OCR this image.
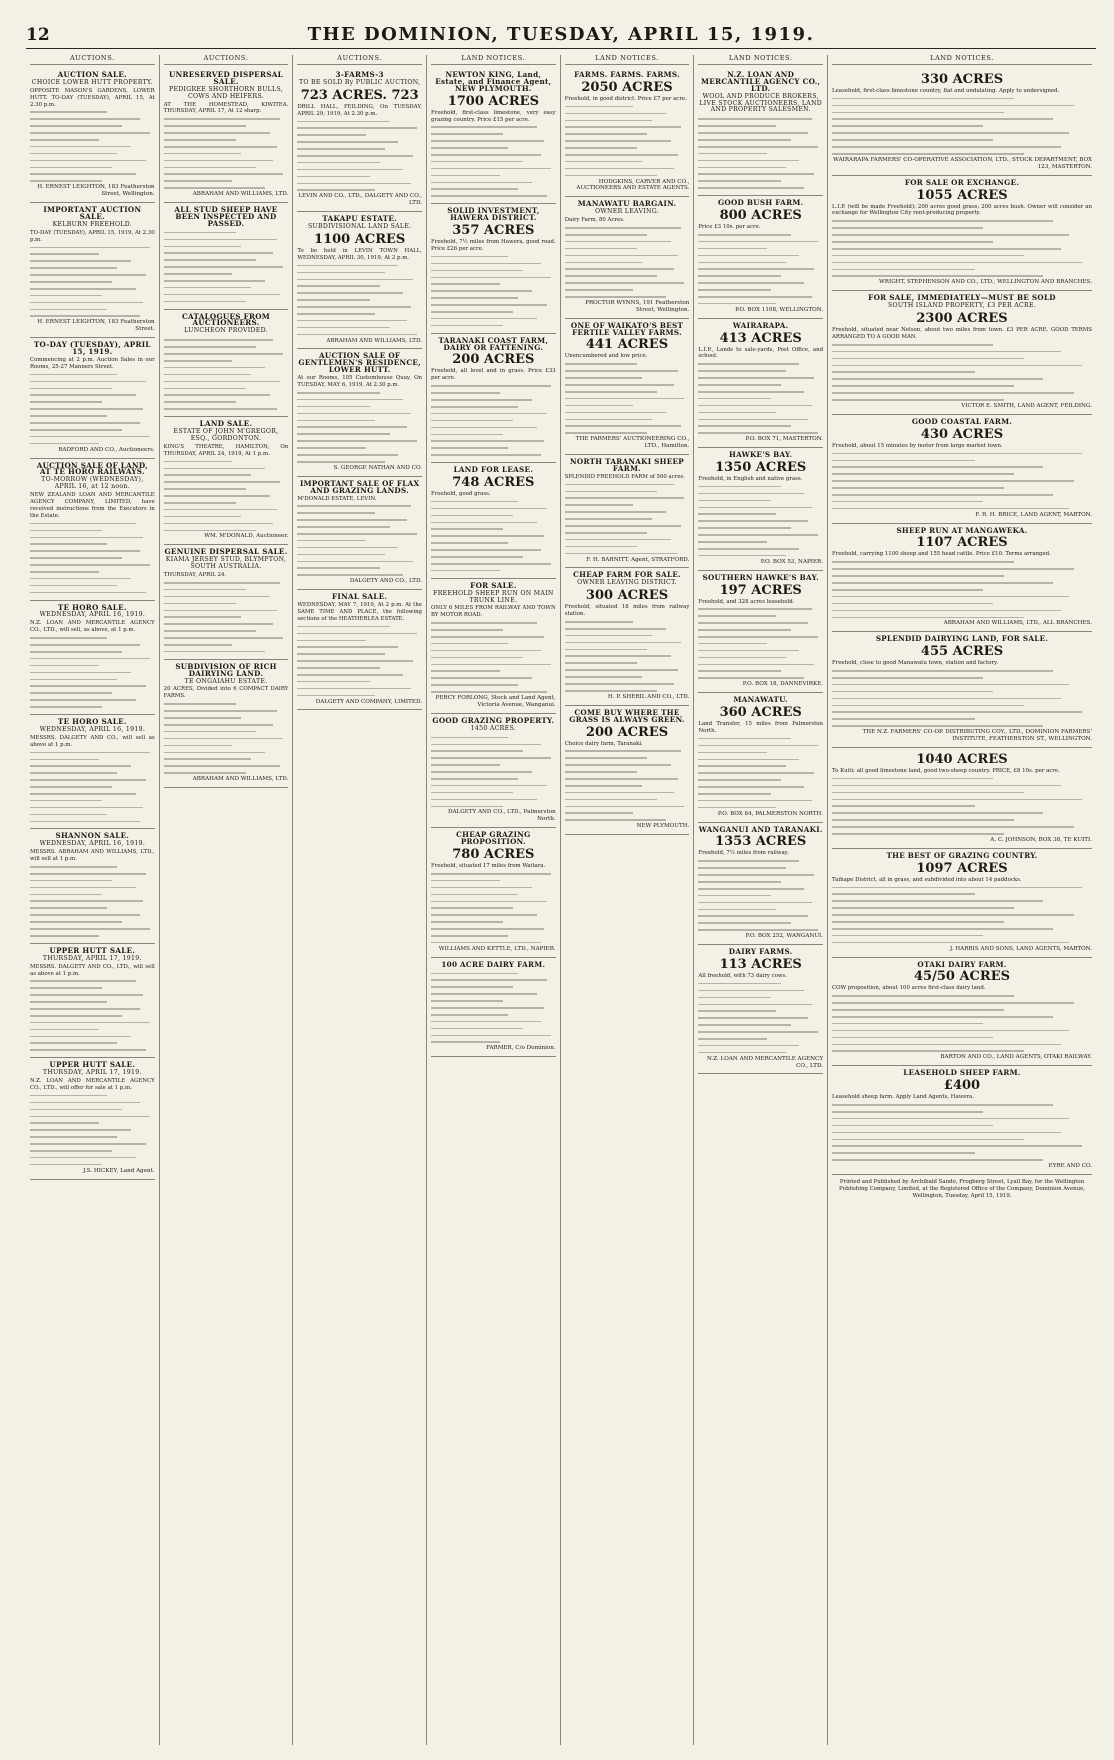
12	THE DOMINION, TUESDAY, APRIL 15, 1919.
AUCTIONS.
AUCTION SALE.
CHOICE LOWER HUTT PROPERTY.
OPPOSITE MASON'S GARDENS, LOWER HUTT. TO-DAY (TUESDAY), APRIL 15, At 2.30 p.m.
H. ERNEST LEIGHTON, 183 Featherston Street, Wellington.
IMPORTANT AUCTION SALE.
KELBURN FREEHOLD.
TO-DAY (TUESDAY), APRIL 15, 1919, At 2.30 p.m.
H. ERNEST LEIGHTON, 183 Featherston Street.
TO-DAY (TUESDAY), APRIL 15, 1919.
Commencing at 2 p.m. Auction Sales in our Rooms, 25-27 Manners Street.
RADFORD AND CO., Auctioneers.
AUCTION SALE OF LAND, AT TE HORO RAILWAYS.
TO-MORROW (WEDNESDAY), APRIL 16, at 12 noon.
NEW ZEALAND LOAN AND MERCANTILE AGENCY COMPANY, LIMITED, have received instructions from the Executors in the Estate.
TE HORO SALE.
WEDNESDAY, APRIL 16, 1919.
N.Z. LOAN AND MERCANTILE AGENCY CO., LTD., will sell, as above, at 1 p.m.
TE HORO SALE.
WEDNESDAY, APRIL 16, 1919.
MESSRS. DALGETY AND CO., will sell as above at 1 p.m.
SHANNON SALE.
WEDNESDAY, APRIL 16, 1919.
MESSRS. ABRAHAM AND WILLIAMS, LTD., will sell at 1 p.m.
UPPER HUTT SALE.
THURSDAY, APRIL 17, 1919.
MESSRS. DALGETY AND CO., LTD., will sell as above at 1 p.m.
UPPER HUTT SALE.
THURSDAY, APRIL 17, 1919.
N.Z. LOAN AND MERCANTILE AGENCY CO., LTD., will offer for sale at 1 p.m.
J.S. HICKEY, Land Agent.
AUCTIONS.
UNRESERVED DISPERSAL SALE.
PEDIGREE SHORTHORN BULLS, COWS AND HEIFERS.
AT THE HOMESTEAD, KIWITEA. THURSDAY, APRIL 17, At 12 sharp.
ABRAHAM AND WILLIAMS, LTD.
ALL STUD SHEEP HAVE BEEN INSPECTED AND PASSED.
CATALOGUES FROM AUCTIONEERS.
LUNCHEON PROVIDED.
LAND SALE.
ESTATE OF JOHN M'GREGOR, ESQ., GORDONTON.
KING'S THEATRE, HAMILTON, On THURSDAY, APRIL 24, 1919, At 1 p.m.
WM. M'DONALD, Auctioneer.
GENUINE DISPERSAL SALE.
KIAMA JERSEY STUD, BLYMPTON, SOUTH AUSTRALIA.
THURSDAY, APRIL 24.
SUBDIVISION OF RICH DAIRYING LAND.
TE ONGAIAHU ESTATE.
20 ACRES, Divided into 6 COMPACT DAIRY FARMS.
ABRAHAM AND WILLIAMS, LTD.
AUCTIONS.
3-FARMS-3
TO BE SOLD By PUBLIC AUCTION,
723 ACRES. 723
DRILL HALL, FEILDING, On TUESDAY, APRIL 29, 1919, At 2.30 p.m.
LEVIN AND CO., LTD., DALGETY AND CO., LTD.
TAKAPU ESTATE.
SUBDIVISIONAL LAND SALE.
1100 ACRES
To be held in LEVIN TOWN HALL, WEDNESDAY, APRIL 30, 1919, At 2 p.m.
ABRAHAM AND WILLIAMS, LTD.
AUCTION SALE OF GENTLEMEN'S RESIDENCE, LOWER HUTT.
At our Rooms, 105 Customhouse Quay, On TUESDAY, MAY 6, 1919, At 2.30 p.m.
S. GEORGE NATHAN AND CO.
IMPORTANT SALE OF FLAX AND GRAZING LANDS.
M'DONALD ESTATE, LEVIN.
DALGETY AND CO., LTD.
FINAL SALE.
WEDNESDAY, MAY 7, 1919, At 2 p.m. At the SAME TIME AND PLACE, the following sections of the HEATHERLEA ESTATE.
DALGETY AND COMPANY, LIMITED.
LAND NOTICES.
NEWTON KING, Land, Estate, and Finance Agent, NEW PLYMOUTH.
1700 ACRES
Freehold, first-class limestone, very easy grazing country. Price £15 per acre.
SOLID INVESTMENT, HAWERA DISTRICT.
357 ACRES
Freehold, 7½ miles from Hawera, good road. Price £26 per acre.
TARANAKI COAST FARM, DAIRY OR FATTENING.
200 ACRES
Freehold, all level and in grass. Price £33 per acre.
LAND FOR LEASE.
748 ACRES
Freehold, good grass.
FOR SALE.
FREEHOLD SHEEP RUN ON MAIN TRUNK LINE.
ONLY 6 MILES FROM RAILWAY AND TOWN BY MOTOR ROAD.
PERCY FORLONG, Stock and Land Agent, Victoria Avenue, Wanganui.
GOOD GRAZING PROPERTY.
1450 ACRES.
DALGETY AND CO., LTD., Palmerston North.
CHEAP GRAZING PROPOSITION.
780 ACRES
Freehold, situated 17 miles from Waitara.
WILLIAMS AND KETTLE, LTD., NAPIER.
100 ACRE DAIRY FARM.
FARMER, C/o Dominion.
LAND NOTICES.
FARMS. FARMS. FARMS.
2050 ACRES
Freehold, in good district. Price £7 per acre.
HODGKINS, CARVER AND CO., AUCTIONEERS AND ESTATE AGENTS.
MANAWATU BARGAIN.
OWNER LEAVING.
Dairy Farm, 80 Acres.
PROCTOR WYNNS, 191 Featherston Street, Wellington.
ONE OF WAIKATO'S BEST FERTILE VALLEY FARMS.
441 ACRES
Unencumbered and low price.
THE FARMERS' AUCTIONEERING CO., LTD., Hamilton.
NORTH TARANAKI SHEEP FARM.
SPLENDID FREEHOLD FARM of 500 acres.
F. H. BARNITT, Agent, STRATFORD.
CHEAP FARM FOR SALE.
OWNER LEAVING DISTRICT.
300 ACRES
Freehold, situated 18 miles from railway station.
H. P. SHERIL AND CO., LTD.
COME BUY WHERE THE GRASS IS ALWAYS GREEN.
200 ACRES
Choice dairy farm, Taranaki.
NEW PLYMOUTH.
LAND NOTICES.
N.Z. LOAN AND MERCANTILE AGENCY CO., LTD.
WOOL AND PRODUCE BROKERS, LIVE STOCK AUCTIONEERS, LAND AND PROPERTY SALESMEN.
GOOD BUSH FARM.
800 ACRES
Price £3 10s. per acre.
P.O. BOX 1108, WELLINGTON.
WAIRARAPA.
413 ACRES
L.I.P., Lands to sale-yards, Post Office, and school.
P.O. BOX 71, MASTERTON.
HAWKE'S BAY.
1350 ACRES
Freehold, in English and native grass.
P.O. BOX 53, NAPIER.
SOUTHERN HAWKE'S BAY.
197 ACRES
Freehold, and 328 acres leasehold.
P.O. BOX 18, DANNEVIRKE.
MANAWATU.
360 ACRES
Land Transfer, 15 miles from Palmerston North.
P.O. BOX 84, PALMERSTON NORTH.
WANGANUI AND TARANAKI.
1353 ACRES
Freehold, 7½ miles from railway.
P.O. BOX 252, WANGANUI.
DAIRY FARMS.
113 ACRES
All freehold, with 73 dairy cows.
N.Z. LOAN AND MERCANTILE AGENCY CO., LTD.
LAND NOTICES.
330 ACRES
Leasehold, first-class limestone country, flat and undulating. Apply to undersigned.
WAIRARAPA FARMERS' CO-OPERATIVE ASSOCIATION, LTD., STOCK DEPARTMENT, BOX 123, MASTERTON.
FOR SALE OR EXCHANGE.
1055 ACRES
L.I.P. (will be made Freehold); 200 acres good grass; 200 acres bush. Owner will consider an exchange for Wellington City rent-producing property.
WRIGHT, STEPHENSON AND CO., LTD., WELLINGTON AND BRANCHES.
FOR SALE, IMMEDIATELY—MUST BE SOLD
SOUTH ISLAND PROPERTY, £3 PER ACRE.
2300 ACRES
Freehold, situated near Nelson, about two miles from town. £3 PER ACRE. GOOD TERMS ARRANGED TO A GOOD MAN.
VICTOR E. SMITH, LAND AGENT, FEILDING.
GOOD COASTAL FARM.
430 ACRES
Freehold, about 15 minutes by motor from large market town.
F. R. H. BRICE, LAND AGENT, MARTON.
SHEEP RUN AT MANGAWEKA.
1107 ACRES
Freehold, carrying 1100 sheep and 155 head cattle. Price £10. Terms arranged.
ABRAHAM AND WILLIAMS, LTD., ALL BRANCHES.
SPLENDID DAIRYING LAND, FOR SALE.
455 ACRES
Freehold, close to good Manawatu town, station and factory.
THE N.Z. FARMERS' CO-OP. DISTRIBUTING COY., LTD., DOMINION FARMERS' INSTITUTE, FEATHERSTON ST., WELLINGTON.
1040 ACRES
To Kuiti; all good limestone land, good two-sheep country. PRICE, £8 10s. per acre.
A. C. JOHNSON, BOX 38, TE KUITI.
THE BEST OF GRAZING COUNTRY.
1097 ACRES
Taihape District, all in grass, and subdivided into about 14 paddocks.
J. HARRIS AND SONS, LAND AGENTS, MARTON.
OTAKI DAIRY FARM.
45/50 ACRES
COW proposition, about 100 acres first-class dairy land.
BARTON AND CO., LAND AGENTS, OTAKI RAILWAY.
LEASEHOLD SHEEP FARM.
£400
Leasehold sheep farm. Apply Land Agents, Hawera.
EYRE AND CO.
Printed and Published by Archibald Sando, Frogberg Street, Lyall Bay, for the Wellington Publishing Company, Limited, at the Registered Office of the Company, Dominion Avenue, Wellington, Tuesday, April 15, 1919.
